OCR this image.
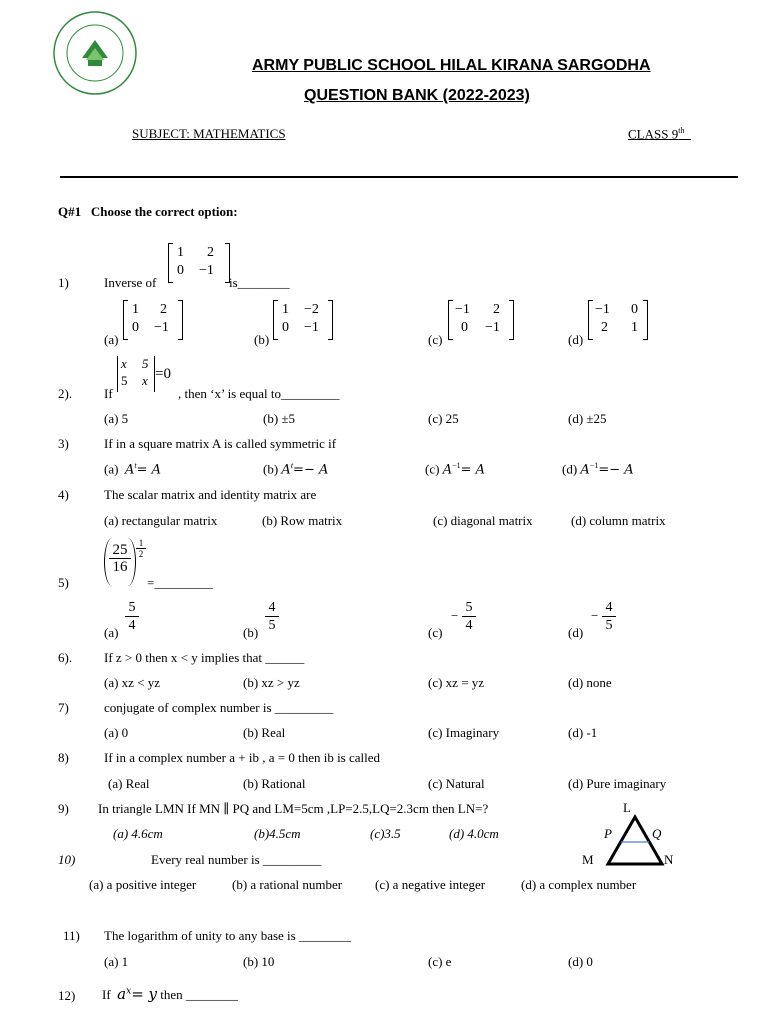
ARMY PUBLIC SCHOOL HILAL KIRANA SARGODHA
QUESTION BANK (2022-2023)
SUBJECT: MATHEMATICS	CLASS 9th
Q#1 Choose the correct option:
1)	Inverse of
1 2
0 −1
is________
(a)
1 2
0 −1
(b)
1 −2
0 −1
(c)
−1 2
0 −1
(d)
−1 0
2 1
2). If
x 5
5 x =0
, then ‘x’ is equal to_________
(a) 5	(b) ±5	(c) 25	(d) ±25
3)	If in a square matrix A is called symmetric if
(a) $A^t= A$	(b) $A^t=- A$	(c) $A^{-1}= A$	(d) $A^{-1}=- A$
4)	The scalar matrix and identity matrix are
(a) rectangular matrix	(b) Row matrix	(c) diagonal matrix	(d) column matrix
5)
$\frac{25}{16} \frac{1}{2}$
=_________
$(a) \frac{5}{4}$	$(b) \frac{4}{5}$	(c)
− $\frac{5}{4}$	(d)
− $\frac{4}{5}$
6). If z > 0 then x < y implies that ______
(a) xz < yz	(b) xz > yz	(c) xz = yz	(d) none
7)	conjugate of complex number is _________
(a) 0	(b) Real	(c) Imaginary	(d) -1
8)	If in a complex number a + ib , a = 0 then ib is called
(a) Real	(b) Rational	(c) Natural	(d) Pure imaginary
9) In triangle LMN If MN ∥ PQ and LM=5cm ,LP=2.5,LQ=2.3cm then LN=?
(a) 4.6cm	(b)4.5cm	(c)3.5	(d) 4.0cm
L
P	Q
M	N
10)	Every real number is _________
(a) a positive integer	(b) a rational number	(c) a negative integer	(d) a complex number
11) The logarithm of unity to any base is ________
(a) 1	(b) 10	(c) e	(d) 0
12) If $a^x= y$ then ________
